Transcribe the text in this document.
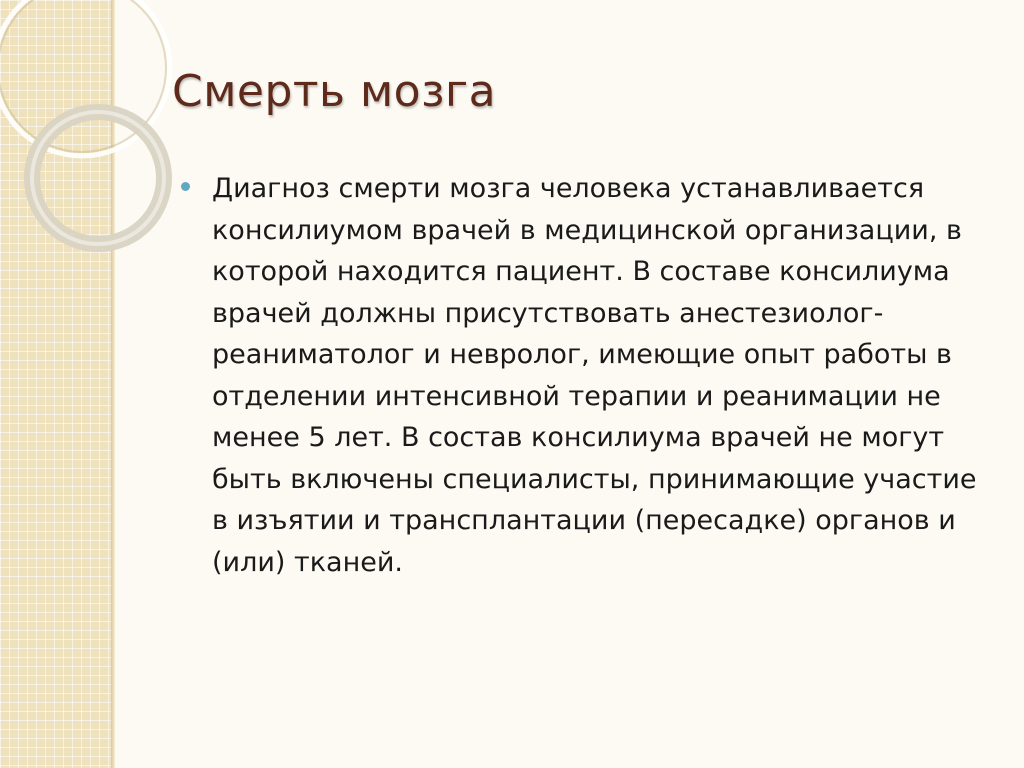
Смерть мозга

Диагноз смерти мозга человека устанавливается консилиумом врачей в медицинской организации, в которой находится пациент. В составе консилиума врачей должны присутствовать анестезиолог-реаниматолог и невролог, имеющие опыт работы в отделении интенсивной терапии и реанимации не менее 5 лет. В состав консилиума врачей не могут быть включены специалисты, принимающие участие в изъятии и трансплантации (пересадке) органов и (или) тканей.
